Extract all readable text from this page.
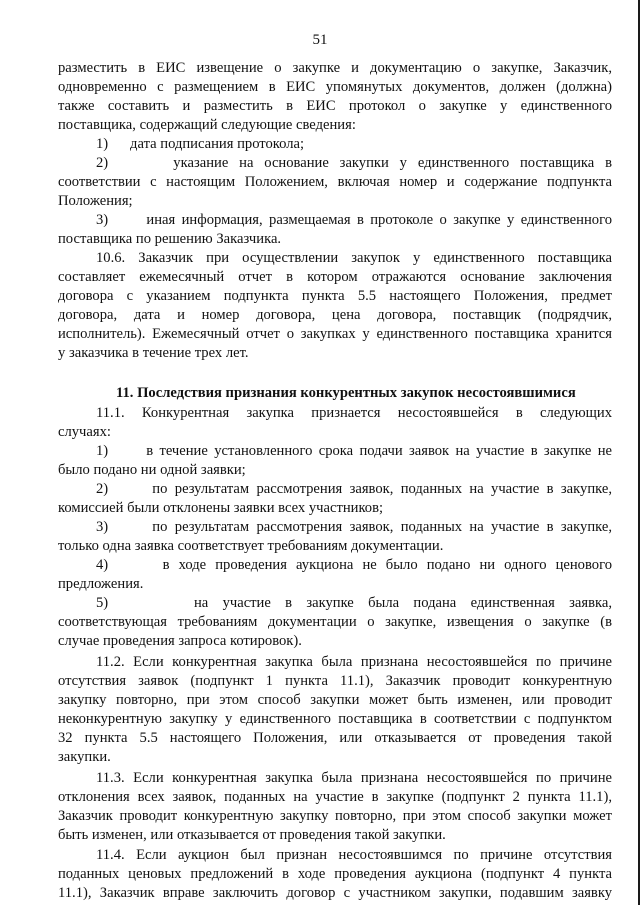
51
разместить в ЕИС извещение о закупке и документацию о закупке, Заказчик,
одновременно с размещением в ЕИС упомянутых документов, должен (должна)
также составить и разместить в ЕИС протокол о закупке у единственного
поставщика, содержащий следующие сведения:
1)      дата подписания протокола;
2)      указание на основание закупки у единственного поставщика в
соответствии с настоящим Положением, включая номер и содержание подпункта
Положения;
3)      иная информация, размещаемая в протоколе о закупке у единственного
поставщика по решению Заказчика.
10.6. Заказчик при осуществлении закупок у единственного поставщика
составляет ежемесячный отчет в котором отражаются основание заключения
договора с указанием подпункта пункта 5.5 настоящего Положения, предмет
договора, дата и номер договора, цена договора, поставщик (подрядчик,
исполнитель). Ежемесячный отчет о закупках у единственного поставщика хранится
у заказчика в течение трех лет.
11. Последствия признания конкурентных закупок несостоявшимися
11.1. Конкурентная закупка признается несостоявшейся в следующих
случаях:
1)      в течение установленного срока подачи заявок на участие в закупке не
было подано ни одной заявки;
2)      по результатам рассмотрения заявок, поданных на участие в закупке,
комиссией были отклонены заявки всех участников;
3)      по результатам рассмотрения заявок, поданных на участие в закупке,
только одна заявка соответствует требованиям документации.
4)      в ходе проведения аукциона не было подано ни одного ценового
предложения.
5)      на участие в закупке была подана единственная заявка,
соответствующая требованиям документации о закупке, извещения о закупке (в
случае проведения запроса котировок).
11.2. Если конкурентная закупка была признана несостоявшейся по причине
отсутствия заявок (подпункт 1 пункта 11.1), Заказчик проводит конкурентную
закупку повторно, при этом способ закупки может быть изменен, или проводит
неконкурентную закупку у единственного поставщика в соответствии с подпунктом
32 пункта 5.5 настоящего Положения, или отказывается от проведения такой
закупки.
11.3. Если конкурентная закупка была признана несостоявшейся по причине
отклонения всех заявок, поданных на участие в закупке (подпункт 2 пункта 11.1),
Заказчик проводит конкурентную закупку повторно, при этом способ закупки может
быть изменен, или отказывается от проведения такой закупки.
11.4. Если аукцион был признан несостоявшимся по причине отсутствия
поданных ценовых предложений в ходе проведения аукциона (подпункт 4 пункта
11.1), Заказчик вправе заключить договор с участником закупки, подавшим заявку
